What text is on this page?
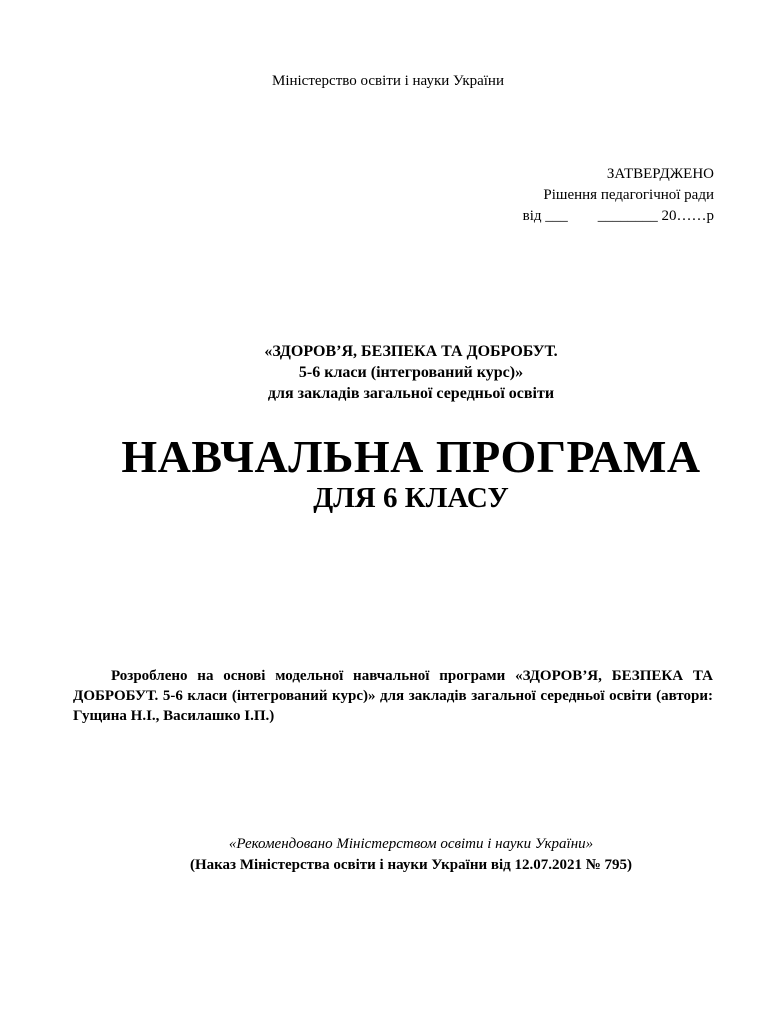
Міністерство освіти і науки України
ЗАТВЕРДЖЕНО
Рішення педагогічної ради
від ___        ________ 20……р
«ЗДОРОВ’Я, БЕЗПЕКА ТА ДОБРОБУТ.
5-6 класи (інтегрований курс)»
для закладів загальної середньої освіти
НАВЧАЛЬНА ПРОГРАМА
ДЛЯ 6 КЛАСУ
Розроблено на основі модельної навчальної програми «ЗДОРОВ’Я, БЕЗПЕКА ТА ДОБРОБУТ. 5-6 класи (інтегрований курс)» для закладів загальної середньої освіти (автори: Гущина Н.І., Василашко І.П.)
«Рекомендовано Міністерством освіти і науки України»
(Наказ Міністерства освіти і науки України від 12.07.2021 № 795)
